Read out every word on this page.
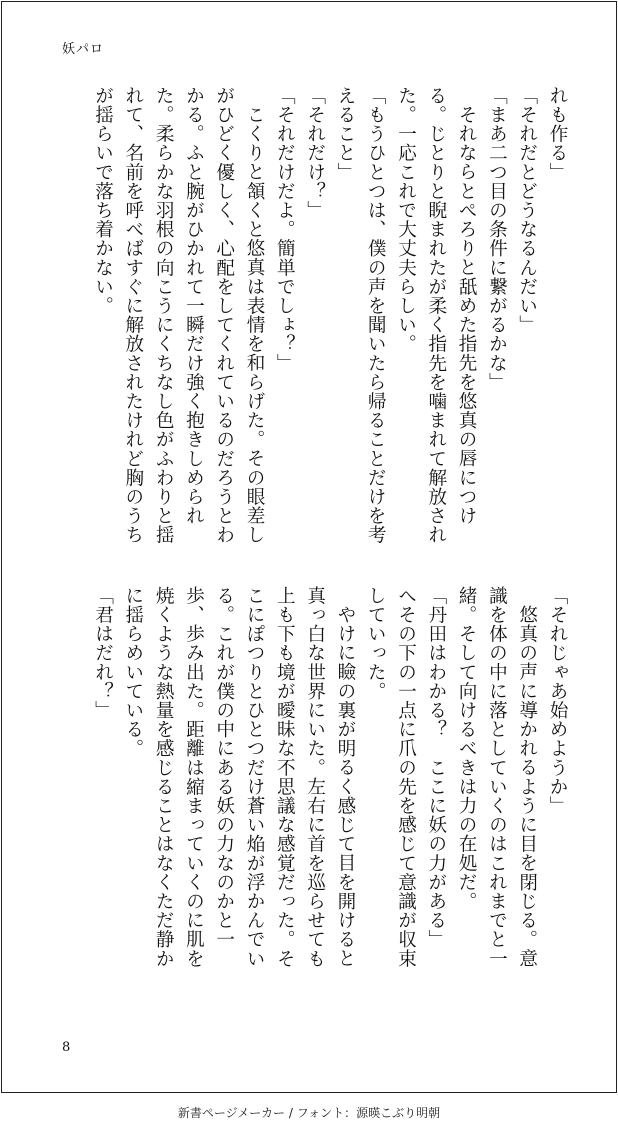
妖パロ

れも作る」

「それだとどうなるんだい」

「まあ二つ目の条件に繋がるかな」

それならとぺろりと舐めた指先を悠真の唇につける。じとりと睨まれたが柔く指先を噛まれて解放された。一応これで大丈夫らしい。

「もうひとつは、僕の声を聞いたら帰ることだけを考えること」

「それだけ？」

「それだけだよ。簡単でしょ？」

こくりと頷くと悠真は表情を和らげた。その眼差しがひどく優しく、心配をしてくれているのだろうとわかる。ふと腕がひかれて一瞬だけ強く抱きしめられた。柔らかな羽根の向こうにくちなし色がふわりと揺れて、名前を呼べばすぐに解放されたけれど胸のうちが揺らいで落ち着かない。

「それじゃあ始めようか」

悠真の声に導かれるように目を閉じる。意識を体の中に落としていくのはこれまでと一緒。そして向けるべきは力の在処だ。

「丹田はわかる？　ここに妖の力がある」

へその下の一点に爪の先を感じて意識が収束していった。

やけに瞼の裏が明るく感じて目を開けると真っ白な世界にいた。左右に首を巡らせても上も下も境が曖昧な不思議な感覚だった。そこにぽつりとひとつだけ蒼い焔が浮かんでいる。これが僕の中にある妖の力なのかと一歩、歩み出た。距離は縮まっていくのに肌を焼くような熱量を感じることはなくただ静かに揺らめいている。

「君はだれ？」

8
新書ページメーカー / フォント：源暎こぶり明朝
